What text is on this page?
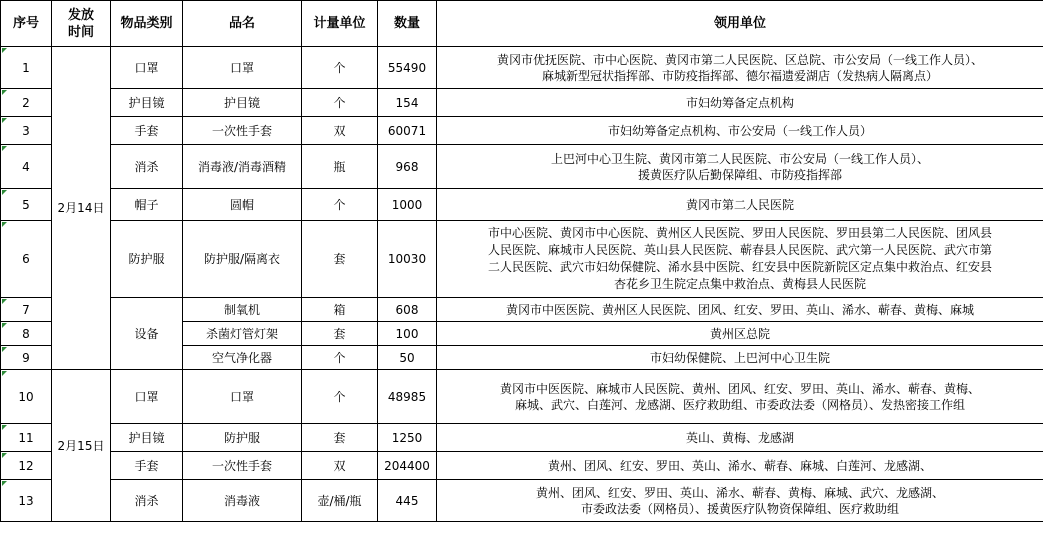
序号	发放
时间	物品类别	品名	计量单位	数量	领用单位
1	2月14日	口罩	口罩	个	55490	黄冈市优抚医院、市中心医院、黄冈市第二人民医院、区总院、市公安局（一线工作人员）、
麻城新型冠状指挥部、市防疫指挥部、德尔福遗爱湖店（发热病人隔离点）
2		护目镜	护目镜	个	154	市妇幼筹备定点机构
3		手套	一次性手套	双	60071	市妇幼筹备定点机构、市公安局（一线工作人员）
4		消杀	消毒液/消毒酒精	瓶	968	上巴河中心卫生院、黄冈市第二人民医院、市公安局（一线工作人员）、
援黄医疗队后勤保障组、市防疫指挥部
5		帽子	圆帽	个	1000	黄冈市第二人民医院
6		防护服	防护服/隔离衣	套	10030	市中心医院、黄冈市中心医院、黄州区人民医院、罗田人民医院、罗田县第二人民医院、团风县
人民医院、麻城市人民医院、英山县人民医院、蕲春县人民医院、武穴第一人民医院、武穴市第
二人民医院、武穴市妇幼保健院、浠水县中医院、红安县中医院新院区定点集中救治点、红安县
杏花乡卫生院定点集中救治点、黄梅县人民医院
7		设备	制氧机	箱	608	黄冈市中医医院、黄州区人民医院、团风、红安、罗田、英山、浠水、蕲春、黄梅、麻城
8			杀菌灯管灯架	套	100	黄州区总院
9			空气净化器	个	50	市妇幼保健院、上巴河中心卫生院
10	2月15日	口罩	口罩	个	48985	黄冈市中医医院、麻城市人民医院、黄州、团风、红安、罗田、英山、浠水、蕲春、黄梅、
麻城、武穴、白莲河、龙感湖、医疗救助组、市委政法委（网格员）、发热密接工作组
11		护目镜	防护服	套	1250	英山、黄梅、龙感湖
12		手套	一次性手套	双	204400	黄州、团风、红安、罗田、英山、浠水、蕲春、麻城、白莲河、龙感湖、
13		消杀	消毒液	壶/桶/瓶	445	黄州、团风、红安、罗田、英山、浠水、蕲春、黄梅、麻城、武穴、龙感湖、
市委政法委（网格员）、援黄医疗队物资保障组、医疗救助组
